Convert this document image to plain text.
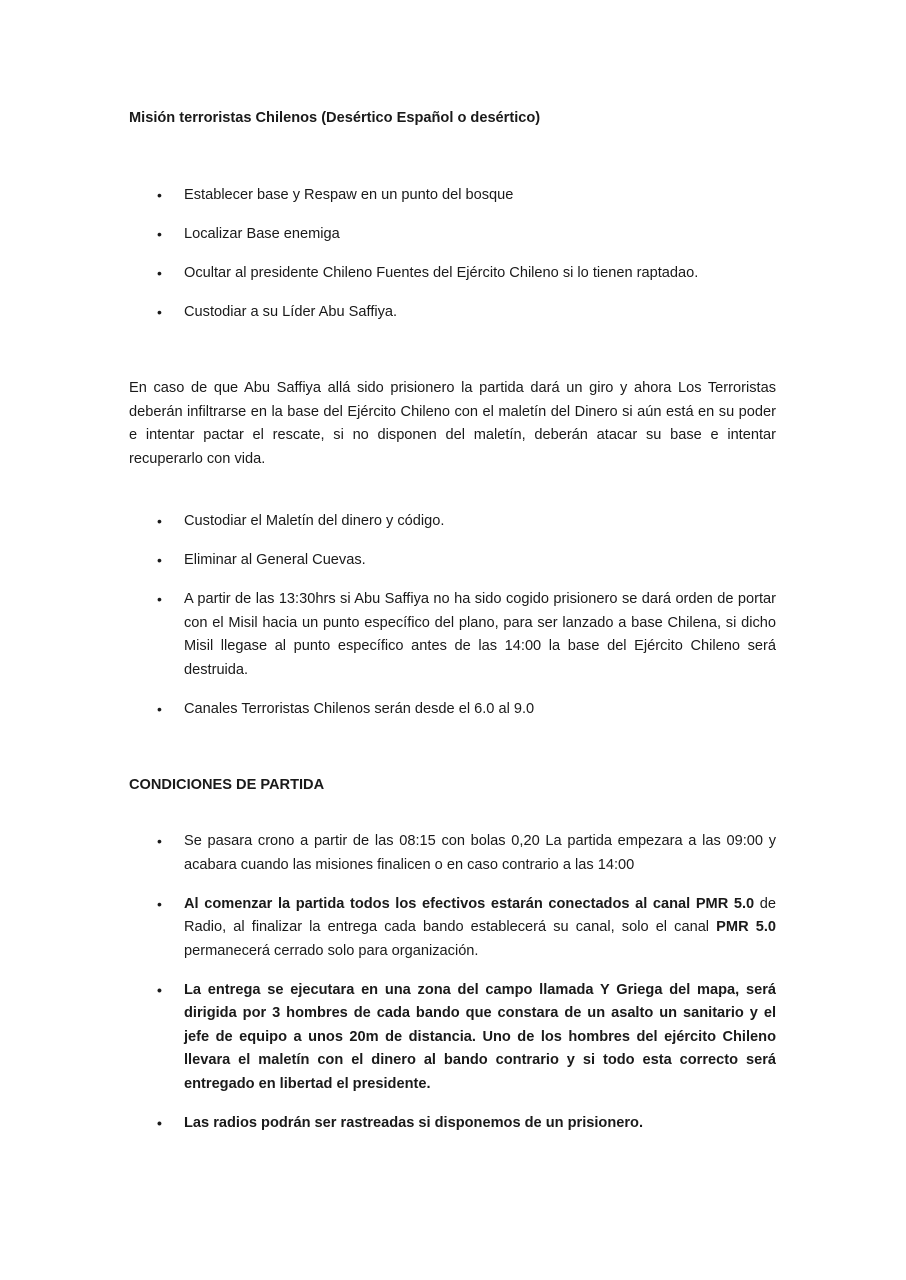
Misión terroristas Chilenos (Desértico Español o desértico)

• Establecer base y Respaw en un punto del bosque
• Localizar Base enemiga
• Ocultar al presidente Chileno Fuentes del Ejército Chileno si lo tienen raptadao.
• Custodiar a su Líder Abu Saffiya.

En caso de que Abu Saffiya allá sido prisionero la partida dará un giro y ahora Los Terroristas deberán infiltrarse en la base del Ejército Chileno con el maletín del Dinero si aún está en su poder e intentar pactar el rescate, si no disponen del maletín, deberán atacar su base e intentar recuperarlo con vida.

• Custodiar el Maletín del dinero y código.
• Eliminar al General Cuevas.
• A partir de las 13:30hrs si Abu Saffiya no ha sido cogido prisionero se dará orden de portar con el Misil hacia un punto específico del plano, para ser lanzado a base Chilena, si dicho Misil llegase al punto específico antes de las 14:00 la base del Ejército Chileno será destruida.
• Canales Terroristas Chilenos serán desde el 6.0 al 9.0

CONDICIONES DE PARTIDA

• Se pasara crono a partir de las 08:15 con bolas 0,20 La partida empezara a las 09:00 y acabara cuando las misiones finalicen o en caso contrario a las 14:00
• Al comenzar la partida todos los efectivos estarán conectados al canal PMR 5.0 de Radio, al finalizar la entrega cada bando establecerá su canal, solo el canal PMR 5.0 permanecerá cerrado solo para organización.
• La entrega se ejecutara en una zona del campo llamada Y Griega del mapa, será dirigida por 3 hombres de cada bando que constara de un asalto un sanitario y el jefe de equipo a unos 20m de distancia. Uno de los hombres del ejército Chileno llevara el maletín con el dinero al bando contrario y si todo esta correcto será entregado en libertad el presidente.
• Las radios podrán ser rastreadas si disponemos de un prisionero.
